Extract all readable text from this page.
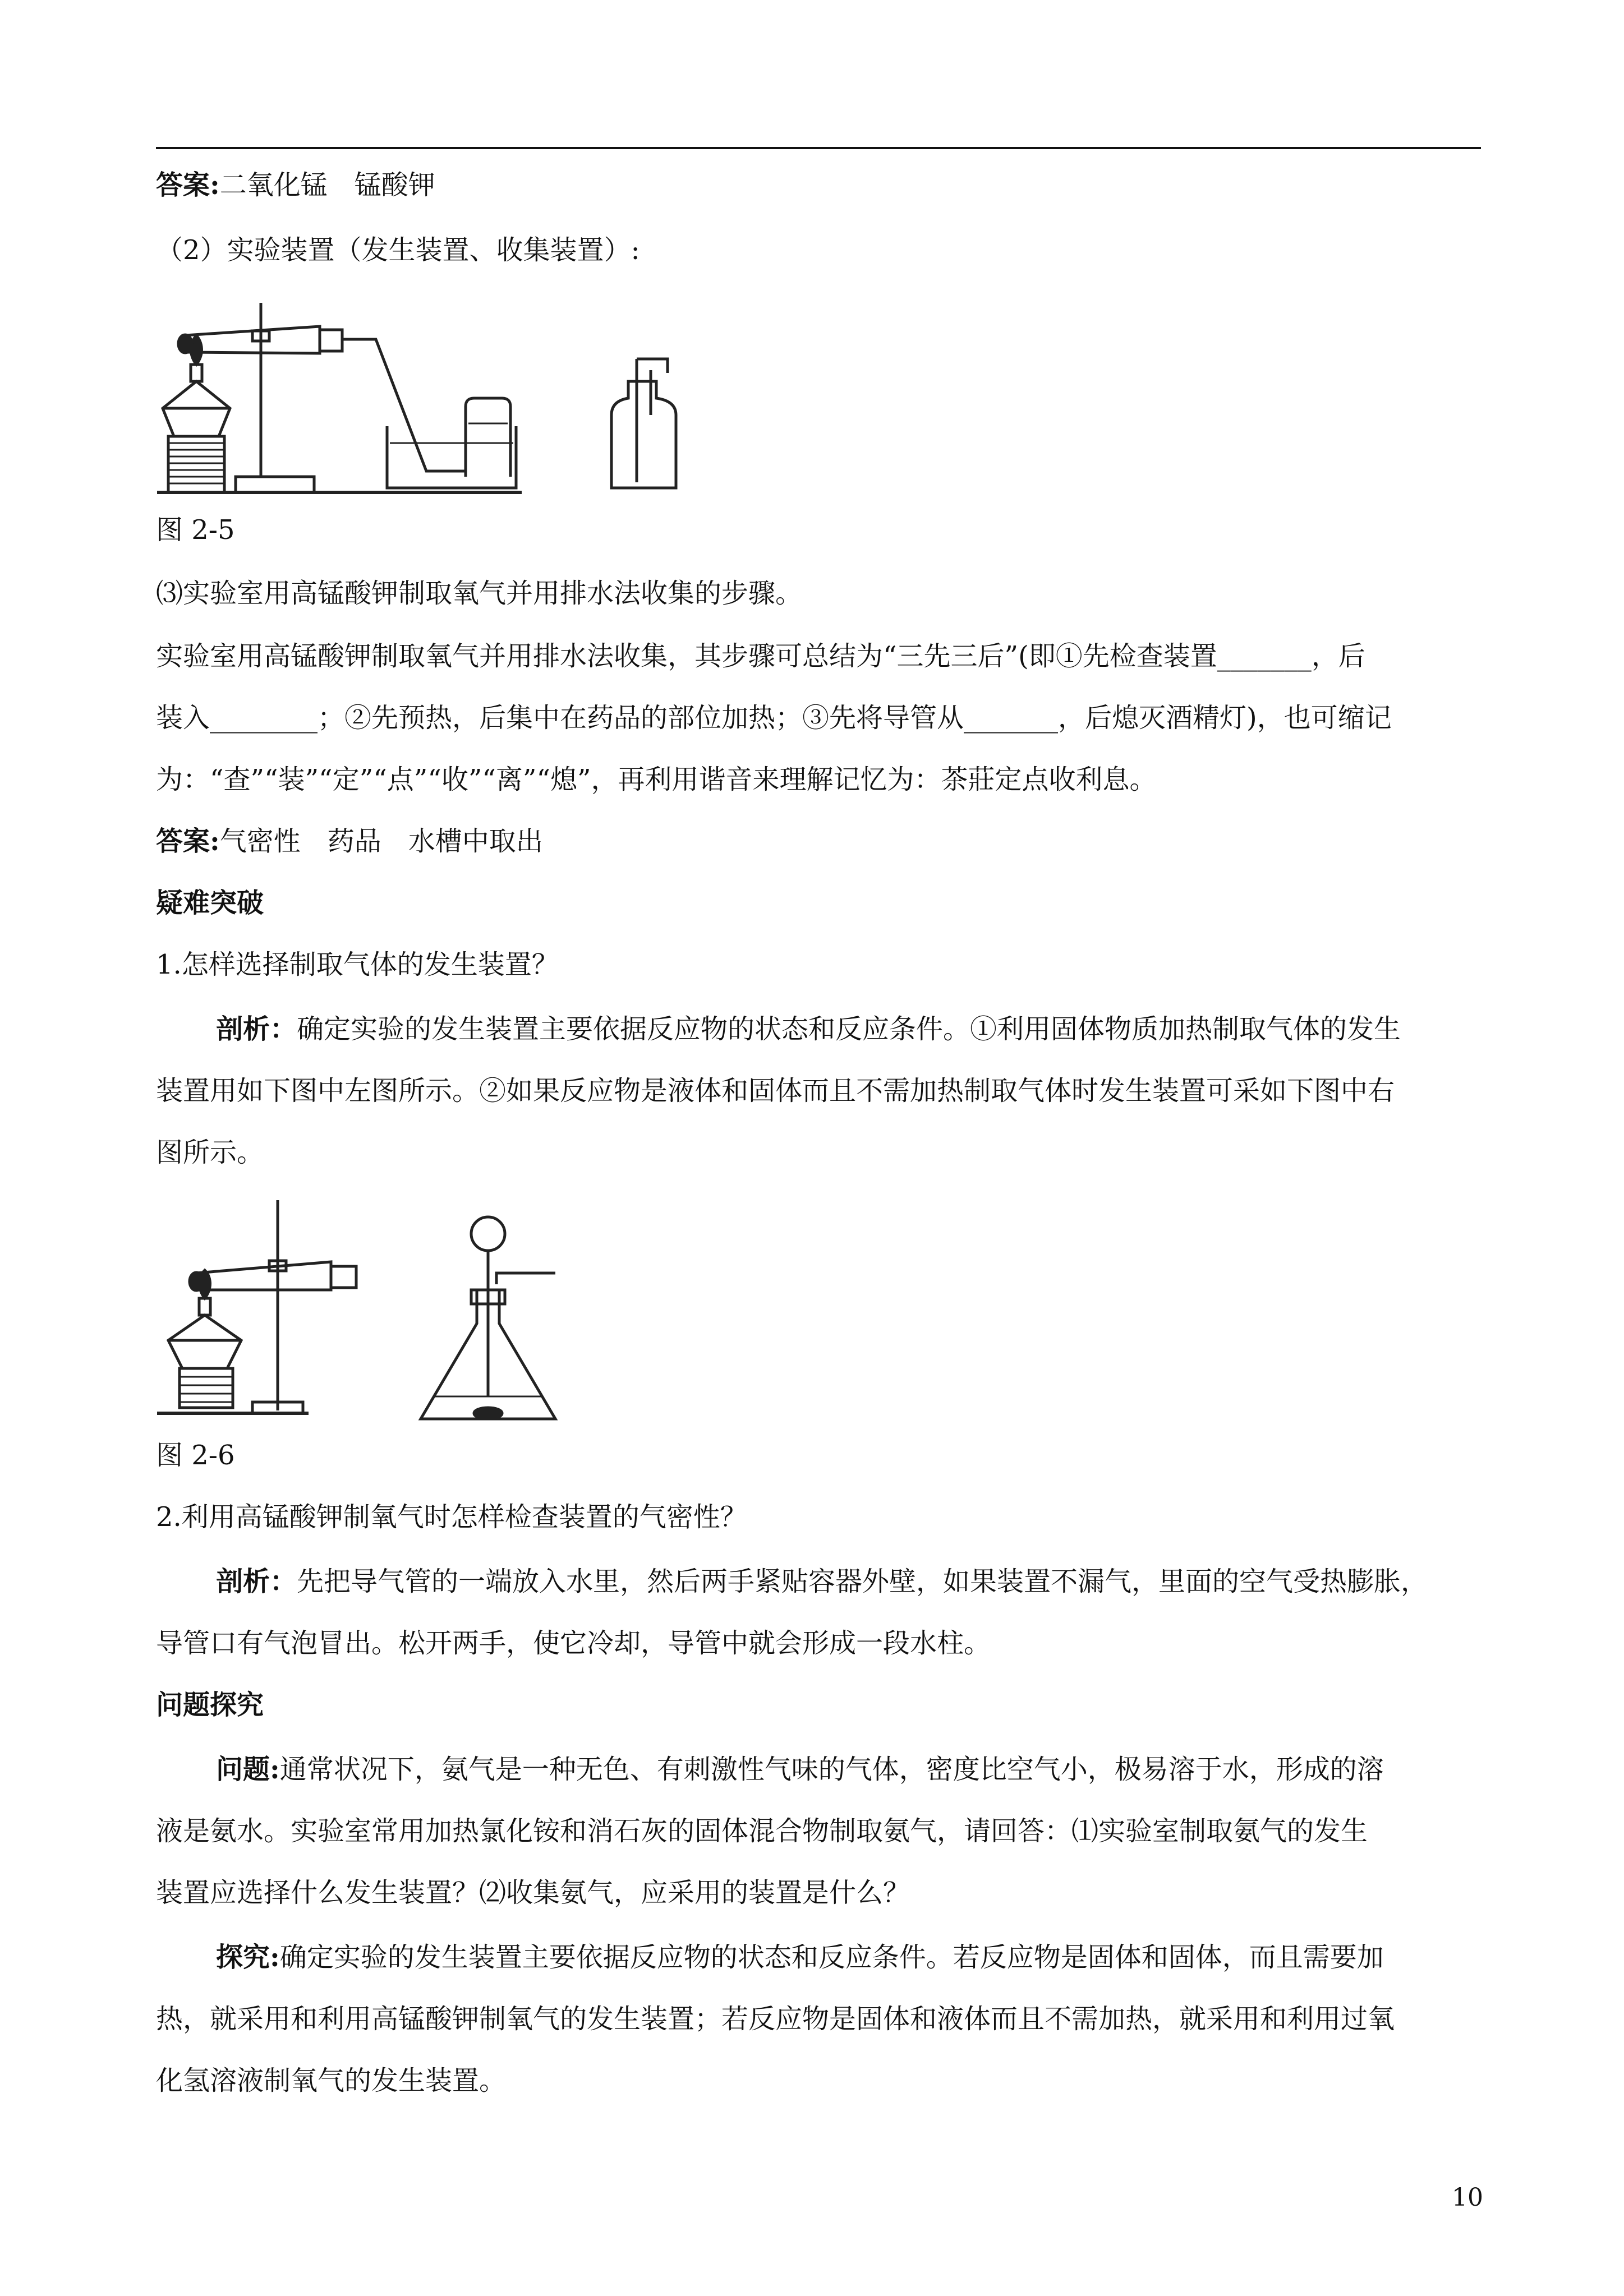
答案:二氧化锰　锰酸钾
（2）实验装置（发生装置、收集装置）:
图 2-5
⑶实验室用高锰酸钾制取氧气并用排水法收集的步骤。
实验室用高锰酸钾制取氧气并用排水法收集，其步骤可总结为“三先三后”(即①先检查装置_______，后
装入________；②先预热，后集中在药品的部位加热；③先将导管从_______，后熄灭酒精灯)，也可缩记
为：“查”“装”“定”“点”“收”“离”“熄”，再利用谐音来理解记忆为：茶莊定点收利息。
答案:气密性　药品　水槽中取出
疑难突破
1.怎样选择制取气体的发生装置？
剖析：确定实验的发生装置主要依据反应物的状态和反应条件。①利用固体物质加热制取气体的发生
装置用如下图中左图所示。②如果反应物是液体和固体而且不需加热制取气体时发生装置可采如下图中右
图所示。
图 2-6
2.利用高锰酸钾制氧气时怎样检查装置的气密性？
剖析：先把导气管的一端放入水里，然后两手紧贴容器外壁，如果装置不漏气，里面的空气受热膨胀，
导管口有气泡冒出。松开两手，使它冷却，导管中就会形成一段水柱。
问题探究
问题:通常状况下，氨气是一种无色、有刺激性气味的气体，密度比空气小，极易溶于水，形成的溶
液是氨水。实验室常用加热氯化铵和消石灰的固体混合物制取氨气，请回答：⑴实验室制取氨气的发生
装置应选择什么发生装置？⑵收集氨气，应采用的装置是什么？
探究:确定实验的发生装置主要依据反应物的状态和反应条件。若反应物是固体和固体，而且需要加
热，就采用和利用高锰酸钾制氧气的发生装置；若反应物是固体和液体而且不需加热，就采用和利用过氧
化氢溶液制氧气的发生装置。
10
